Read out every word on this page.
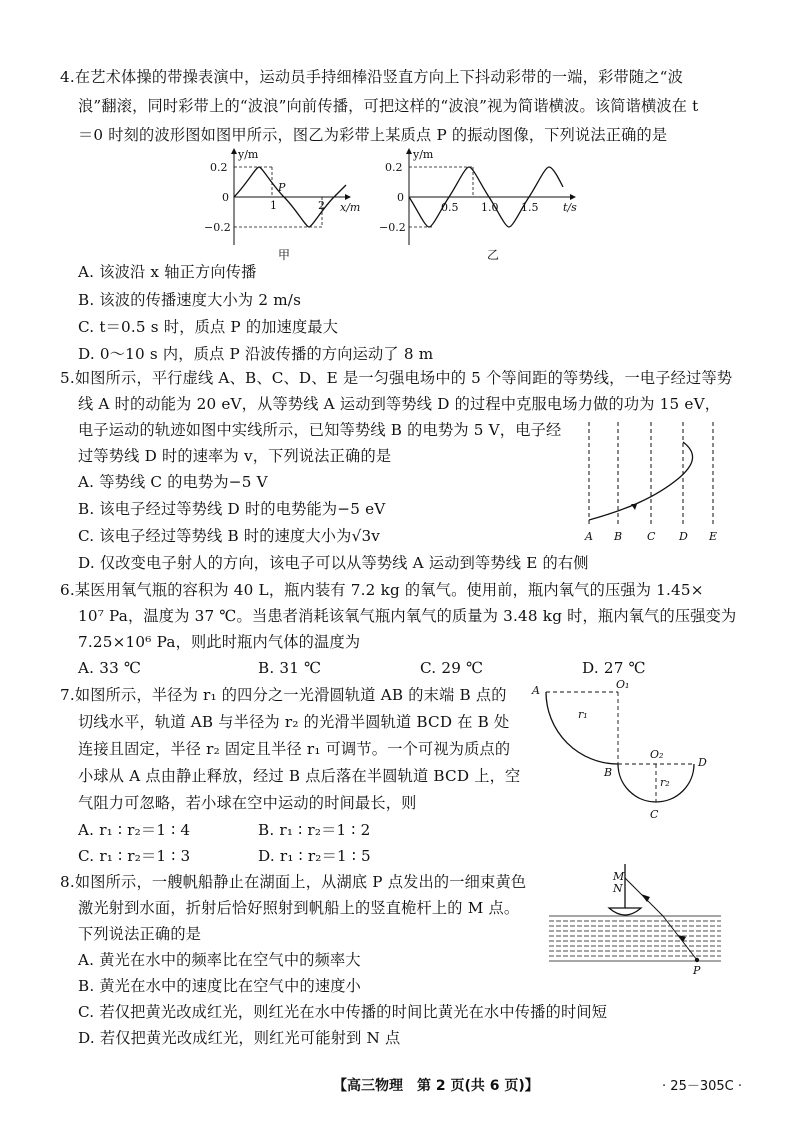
4.在艺术体操的带操表演中，运动员手持细棒沿竖直方向上下抖动彩带的一端，彩带随之“波
浪”翻滚，同时彩带上的“波浪”向前传播，可把这样的“波浪”视为简谐横波。该简谐横波在 t
＝0 时刻的波形图如图甲所示，图乙为彩带上某质点 P 的振动图像，下列说法正确的是
y/m
0.2
0
−0.2
1	2
P
x/m
甲
y/m
0.2
0
−0.2
0.5 1.0 1.5 t/s
乙
A. 该波沿 x 轴正方向传播
B. 该波的传播速度大小为 2 m/s
C. t＝0.5 s 时，质点 P 的加速度最大
D. 0～10 s 内，质点 P 沿波传播的方向运动了 8 m
5.如图所示，平行虚线 A、B、C、D、E 是一匀强电场中的 5 个等间距的等势线，一电子经过等势
线 A 时的动能为 20 eV，从等势线 A 运动到等势线 D 的过程中克服电场力做的功为 15 eV，
电子运动的轨迹如图中实线所示，已知等势线 B 的电势为 5 V，电子经
过等势线 D 时的速率为 v，下列说法正确的是
A. 等势线 C 的电势为−5 V
B. 该电子经过等势线 D 时的电势能为−5 eV
C. 该电子经过等势线 B 时的速度大小为√3v
D. 仅改变电子射人的方向，该电子可以从等势线 A 运动到等势线 E 的右侧
A B C D E
6.某医用氧气瓶的容积为 40 L，瓶内装有 7.2 kg 的氧气。使用前，瓶内氧气的压强为 1.45×
10⁷ Pa，温度为 37 ℃。当患者消耗该氧气瓶内氧气的质量为 3.48 kg 时，瓶内氧气的压强变为
7.25×10⁶ Pa，则此时瓶内气体的温度为
A. 33 ℃	B. 31 ℃	C. 29 ℃	D. 27 ℃
7.如图所示，半径为 r₁ 的四分之一光滑圆轨道 AB 的末端 B 点的
切线水平，轨道 AB 与半径为 r₂ 的光滑半圆轨道 BCD 在 B 处
连接且固定，半径 r₂ 固定且半径 r₁ 可调节。一个可视为质点的
小球从 A 点由静止释放，经过 B 点后落在半圆轨道 BCD 上，空
气阻力可忽略，若小球在空中运动的时间最长，则
A. r₁ ∶ r₂＝1 ∶ 4	B. r₁ ∶ r₂＝1 ∶ 2
C. r₁ ∶ r₂＝1 ∶ 3	D. r₁ ∶ r₂＝1 ∶ 5
A	O₁
r₁
O₂
B
D
r₂
C
8.如图所示，一艘帆船静止在湖面上，从湖底 P 点发出的一细束黄色
激光射到水面，折射后恰好照射到帆船上的竖直桅杆上的 M 点。
下列说法正确的是
A. 黄光在水中的频率比在空气中的频率大
B. 黄光在水中的速度比在空气中的速度小
C. 若仅把黄光改成红光，则红光在水中传播的时间比黄光在水中传播的时间短
D. 若仅把黄光改成红光，则红光可能射到 N 点
M
N
P
【高三物理　第 2 页(共 6 页)】	· 25－305C ·
